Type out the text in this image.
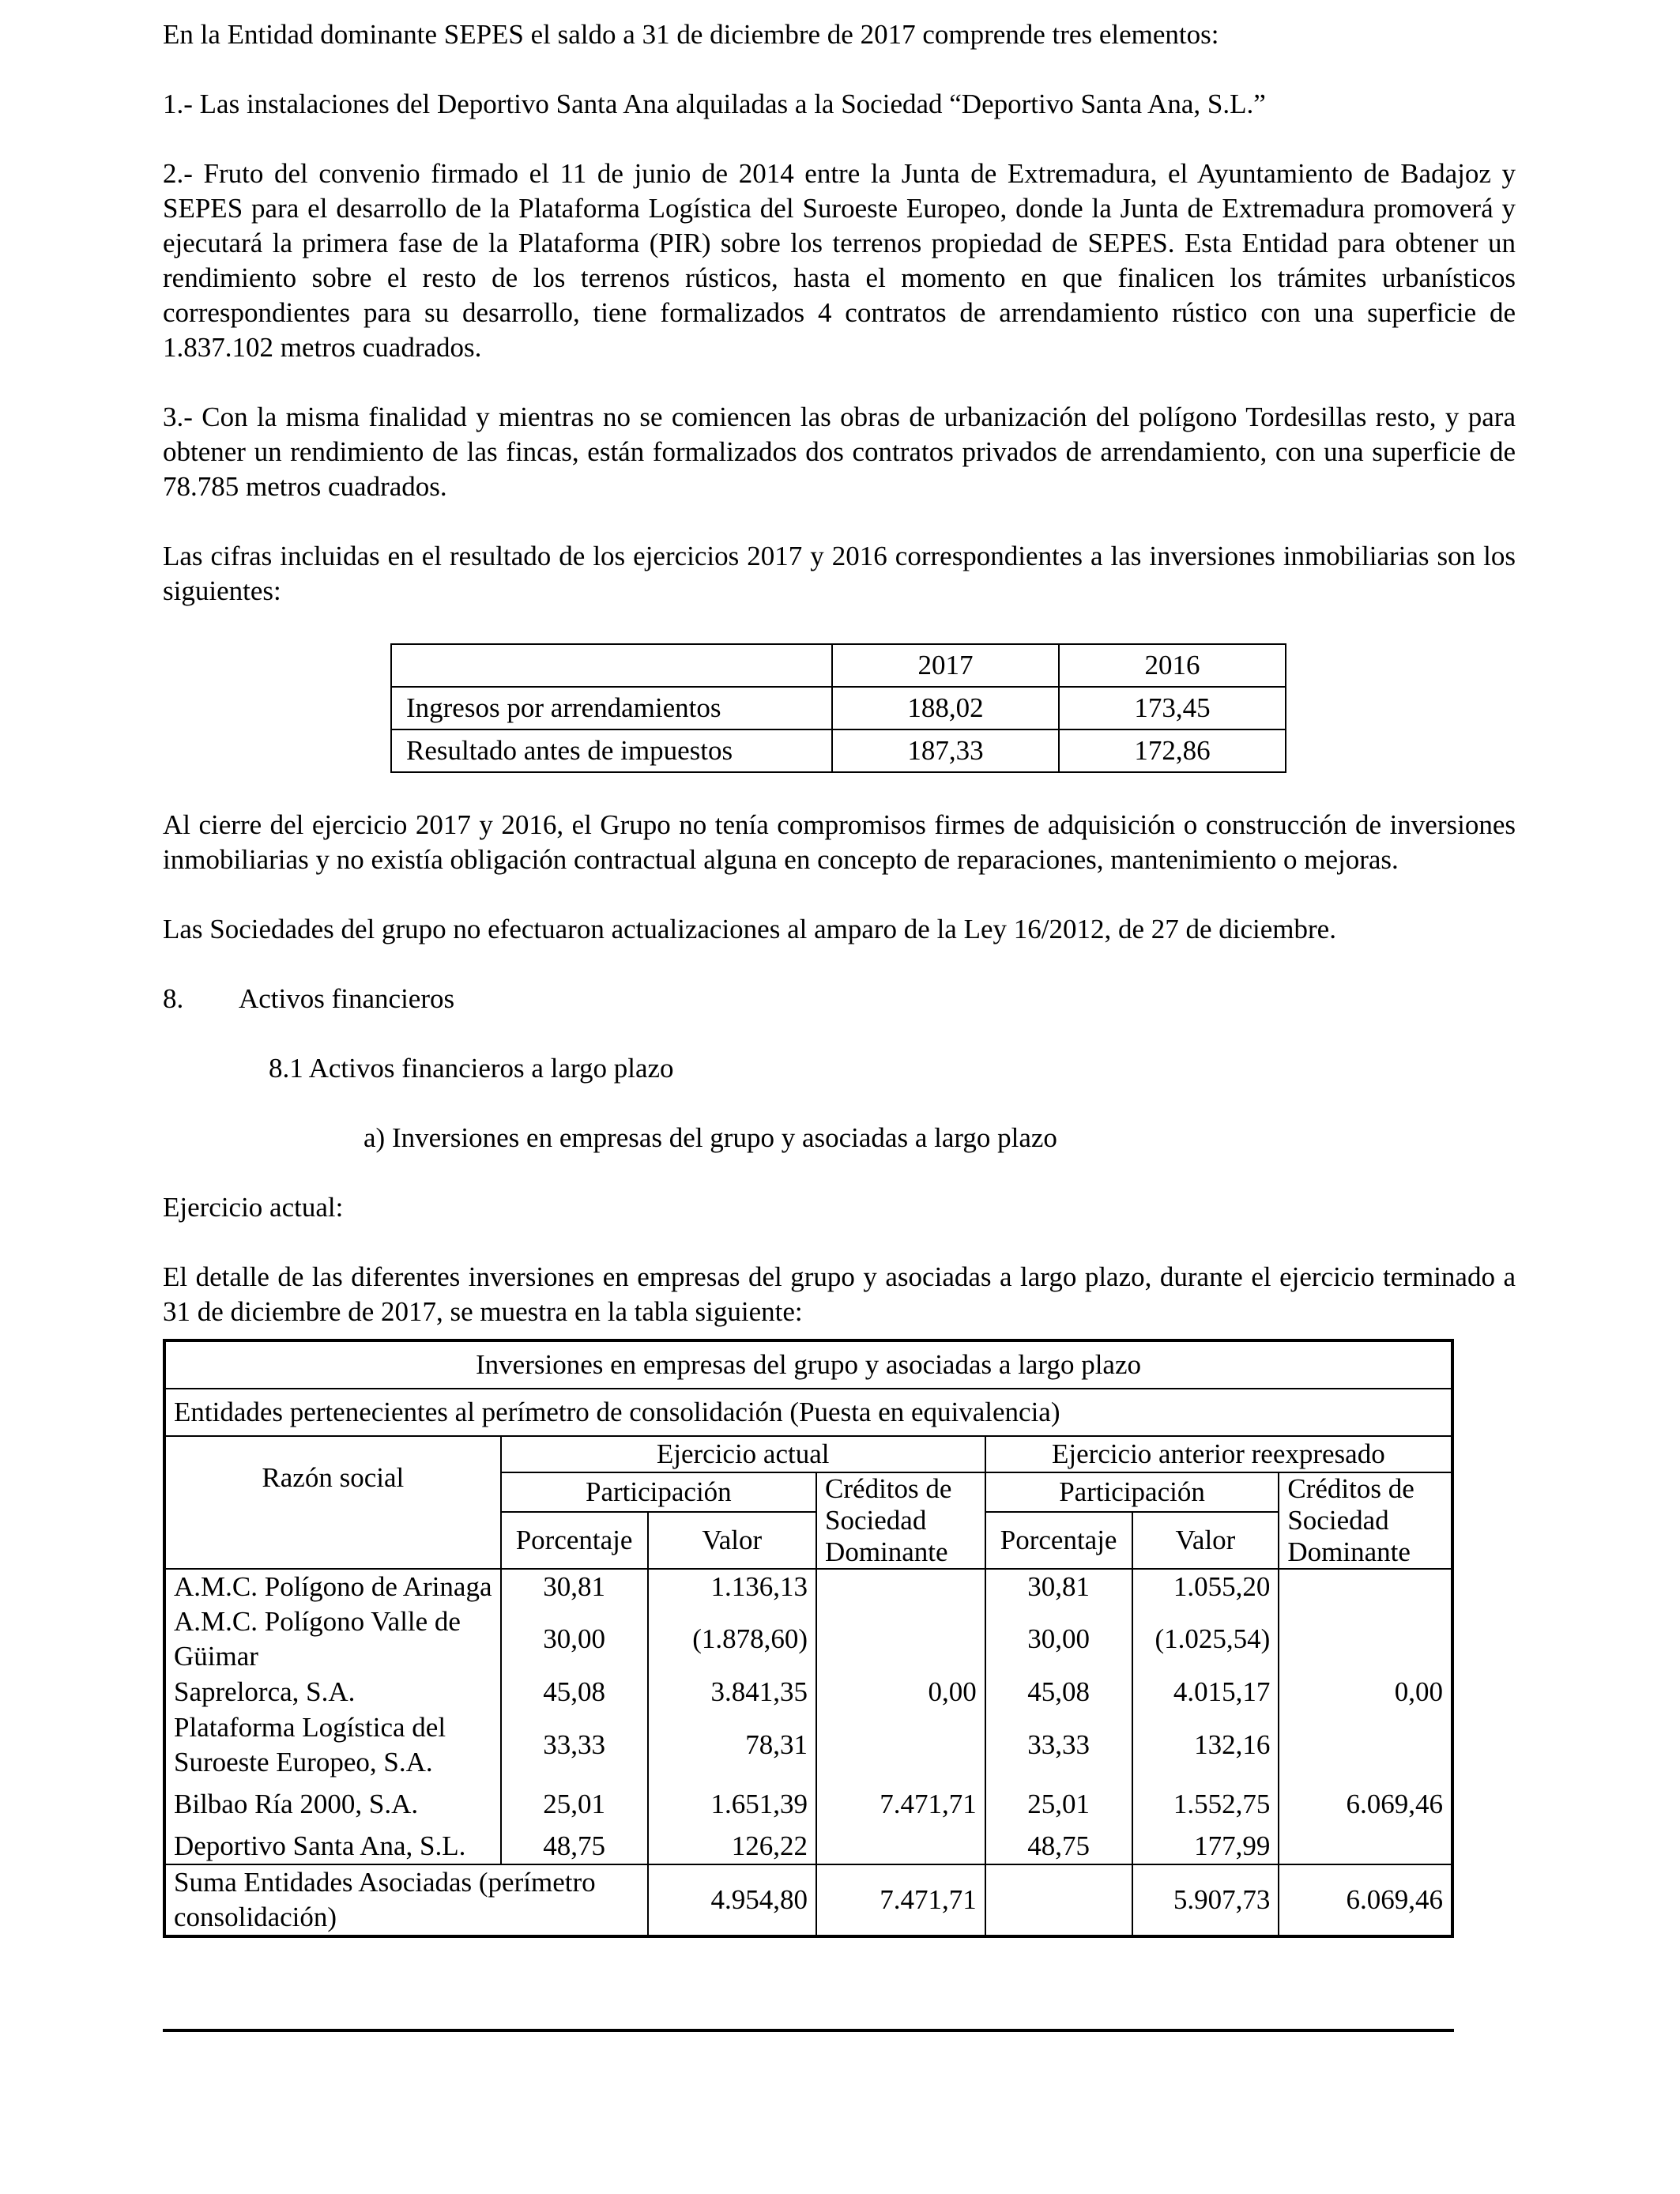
En la Entidad dominante SEPES el saldo a 31 de diciembre de 2017 comprende tres elementos:

1.- Las instalaciones del Deportivo Santa Ana alquiladas a la Sociedad “Deportivo Santa Ana, S.L.”

2.- Fruto del convenio firmado el 11 de junio de 2014 entre la Junta de Extremadura, el Ayuntamiento de Badajoz y SEPES para el desarrollo de la Plataforma Logística del Suroeste Europeo, donde la Junta de Extremadura promoverá y ejecutará la primera fase de la Plataforma (PIR) sobre los terrenos propiedad de SEPES. Esta Entidad para obtener un rendimiento sobre el resto de los terrenos rústicos, hasta el momento en que finalicen los trámites urbanísticos correspondientes para su desarrollo, tiene formalizados 4 contratos de arrendamiento rústico con una superficie de 1.837.102 metros cuadrados.

3.- Con la misma finalidad y mientras no se comiencen las obras de urbanización del polígono Tordesillas resto, y para obtener un rendimiento de las fincas, están formalizados dos contratos privados de arrendamiento, con una superficie de 78.785 metros cuadrados.

Las cifras incluidas en el resultado de los ejercicios 2017 y 2016 correspondientes a las inversiones inmobiliarias son los siguientes:

	2017	2016
Ingresos por arrendamientos	188,02	173,45
Resultado antes de impuestos	187,33	172,86

Al cierre del ejercicio 2017 y 2016, el Grupo no tenía compromisos firmes de adquisición o construcción de inversiones inmobiliarias y no existía obligación contractual alguna en concepto de reparaciones, mantenimiento o mejoras.

Las Sociedades del grupo no efectuaron actualizaciones al amparo de la Ley 16/2012, de 27 de diciembre.

8.	Activos financieros
8.1 Activos financieros a largo plazo
a) Inversiones en empresas del grupo y asociadas a largo plazo

Ejercicio actual:

El detalle de las diferentes inversiones en empresas del grupo y asociadas a largo plazo, durante el ejercicio terminado a 31 de diciembre de 2017, se muestra en la tabla siguiente:

Inversiones en empresas del grupo y asociadas a largo plazo						
Entidades pertenecientes al perímetro de consolidación (Puesta en equivalencia)						
Razón social	Ejercicio actual			Ejercicio anterior reexpresado		
	Participación		Créditos de Sociedad Dominante	Participación		Créditos de Sociedad Dominante
	Porcentaje	Valor		Porcentaje	Valor	
A.M.C. Polígono de Arinaga	30,81	1.136,13		30,81	1.055,20	
A.M.C. Polígono Valle de Güimar	30,00	(1.878,60)		30,00	(1.025,54)	
Saprelorca, S.A.	45,08	3.841,35	0,00	45,08	4.015,17	0,00
Plataforma Logística del Suroeste Europeo, S.A.	33,33	78,31		33,33	132,16	
Bilbao Ría 2000, S.A.	25,01	1.651,39	7.471,71	25,01	1.552,75	6.069,46
Deportivo Santa Ana, S.L.	48,75	126,22		48,75	177,99	
Suma Entidades Asociadas (perímetro consolidación)		4.954,80	7.471,71		5.907,73	6.069,46
